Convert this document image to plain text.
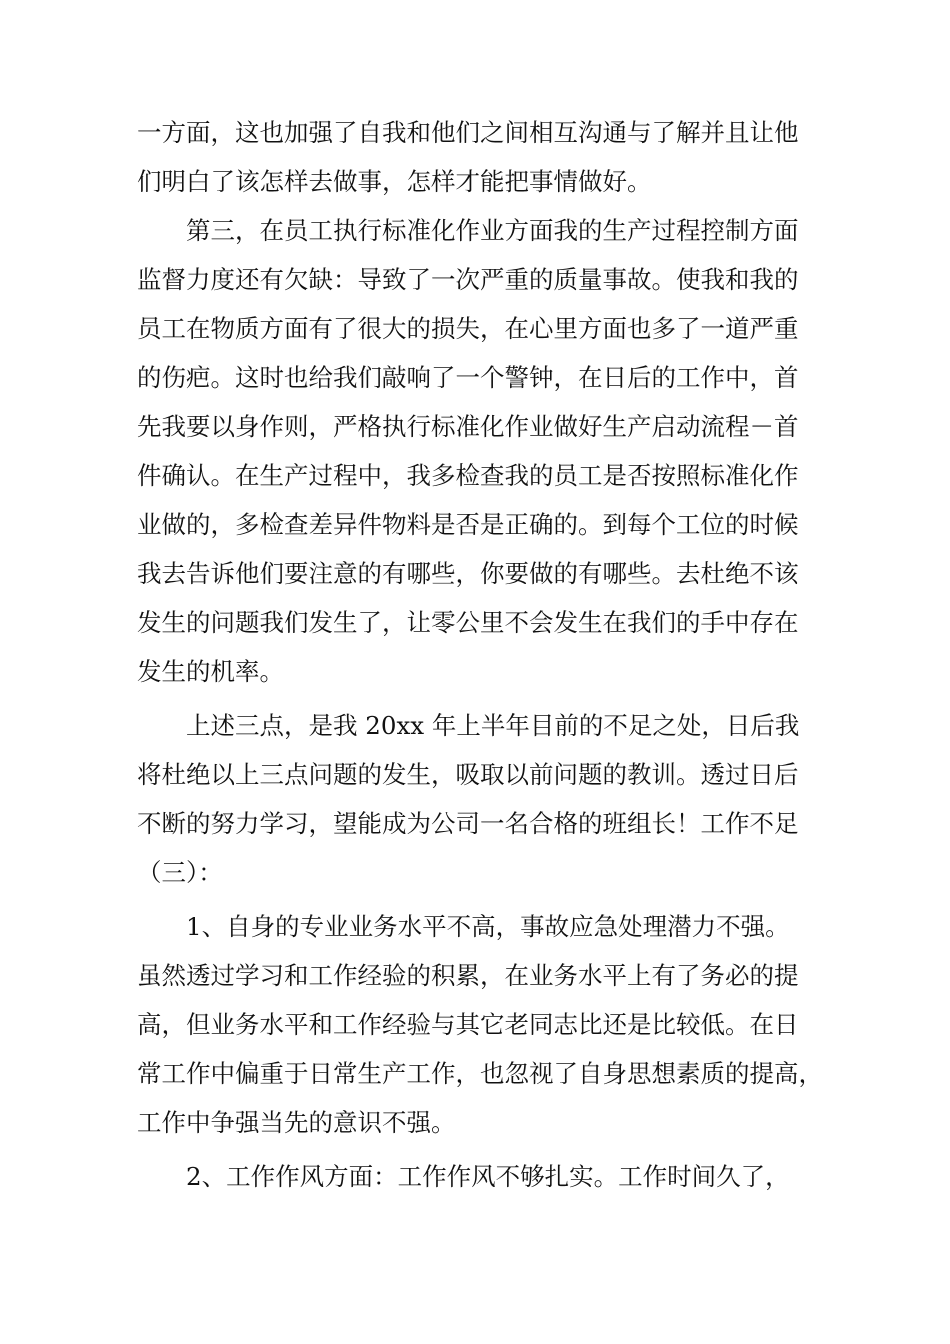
一方面，这也加强了自我和他们之间相互沟通与了解并且让他

们明白了该怎样去做事，怎样才能把事情做好。

第三，在员工执行标准化作业方面我的生产过程控制方面

监督力度还有欠缺：导致了一次严重的质量事故。使我和我的

员工在物质方面有了很大的损失，在心里方面也多了一道严重

的伤疤。这时也给我们敲响了一个警钟，在日后的工作中，首

先我要以身作则，严格执行标准化作业做好生产启动流程－首

件确认。在生产过程中，我多检查我的员工是否按照标准化作

业做的，多检查差异件物料是否是正确的。到每个工位的时候

我去告诉他们要注意的有哪些，你要做的有哪些。去杜绝不该

发生的问题我们发生了，让零公里不会发生在我们的手中存在

发生的机率。

上述三点，是我 20xx 年上半年目前的不足之处，日后我

将杜绝以上三点问题的发生，吸取以前问题的教训。透过日后

不断的努力学习，望能成为公司一名合格的班组长！工作不足

（三）：

1、自身的专业业务水平不高，事故应急处理潜力不强。

虽然透过学习和工作经验的积累，在业务水平上有了务必的提

高，但业务水平和工作经验与其它老同志比还是比较低。在日

常工作中偏重于日常生产工作，也忽视了自身思想素质的提高，

工作中争强当先的意识不强。

2、工作作风方面：工作作风不够扎实。工作时间久了，
